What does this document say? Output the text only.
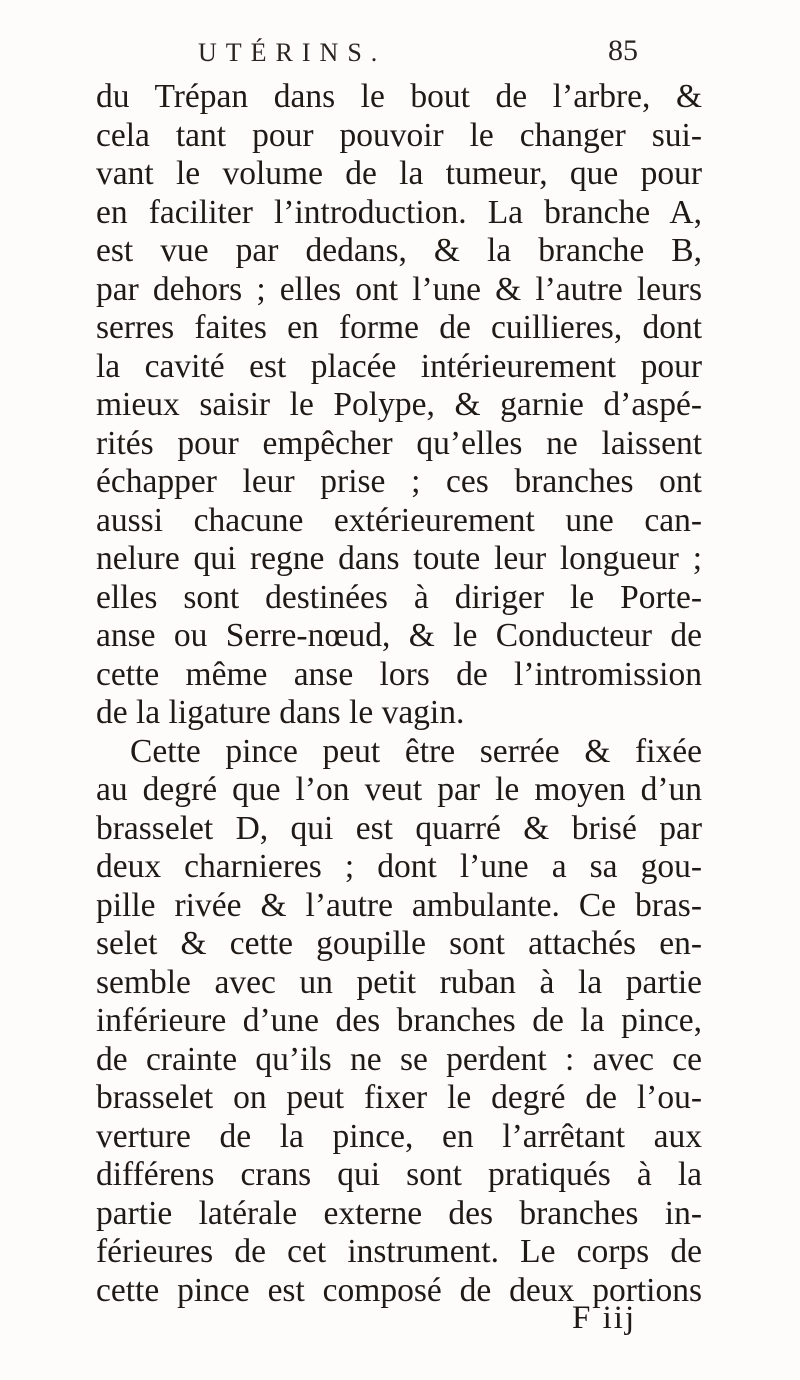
UTÉRINS.	85
du Trépan dans le bout de l’arbre, &
cela tant pour pouvoir le changer sui-
vant le volume de la tumeur, que pour
en faciliter l’introduction. La branche A,
est vue par dedans, & la branche B,
par dehors ; elles ont l’une & l’autre leurs
serres faites en forme de cuillieres, dont
la cavité est placée intérieurement pour
mieux saisir le Polype, & garnie d’aspé-
rités pour empêcher qu’elles ne laissent
échapper leur prise ; ces branches ont
aussi chacune extérieurement une can-
nelure qui regne dans toute leur longueur ;
elles sont destinées à diriger le Porte-
anse ou Serre-nœud, & le Conducteur de
cette même anse lors de l’intromission
de la ligature dans le vagin.
Cette pince peut être serrée & fixée
au degré que l’on veut par le moyen d’un
brasselet D, qui est quarré & brisé par
deux charnieres ; dont l’une a sa gou-
pille rivée & l’autre ambulante. Ce bras-
selet & cette goupille sont attachés en-
semble avec un petit ruban à la partie
inférieure d’une des branches de la pince,
de crainte qu’ils ne se perdent : avec ce
brasselet on peut fixer le degré de l’ou-
verture de la pince, en l’arrêtant aux
différens crans qui sont pratiqués à la
partie latérale externe des branches in-
férieures de cet instrument. Le corps de
cette pince est composé de deux portions
F iij
